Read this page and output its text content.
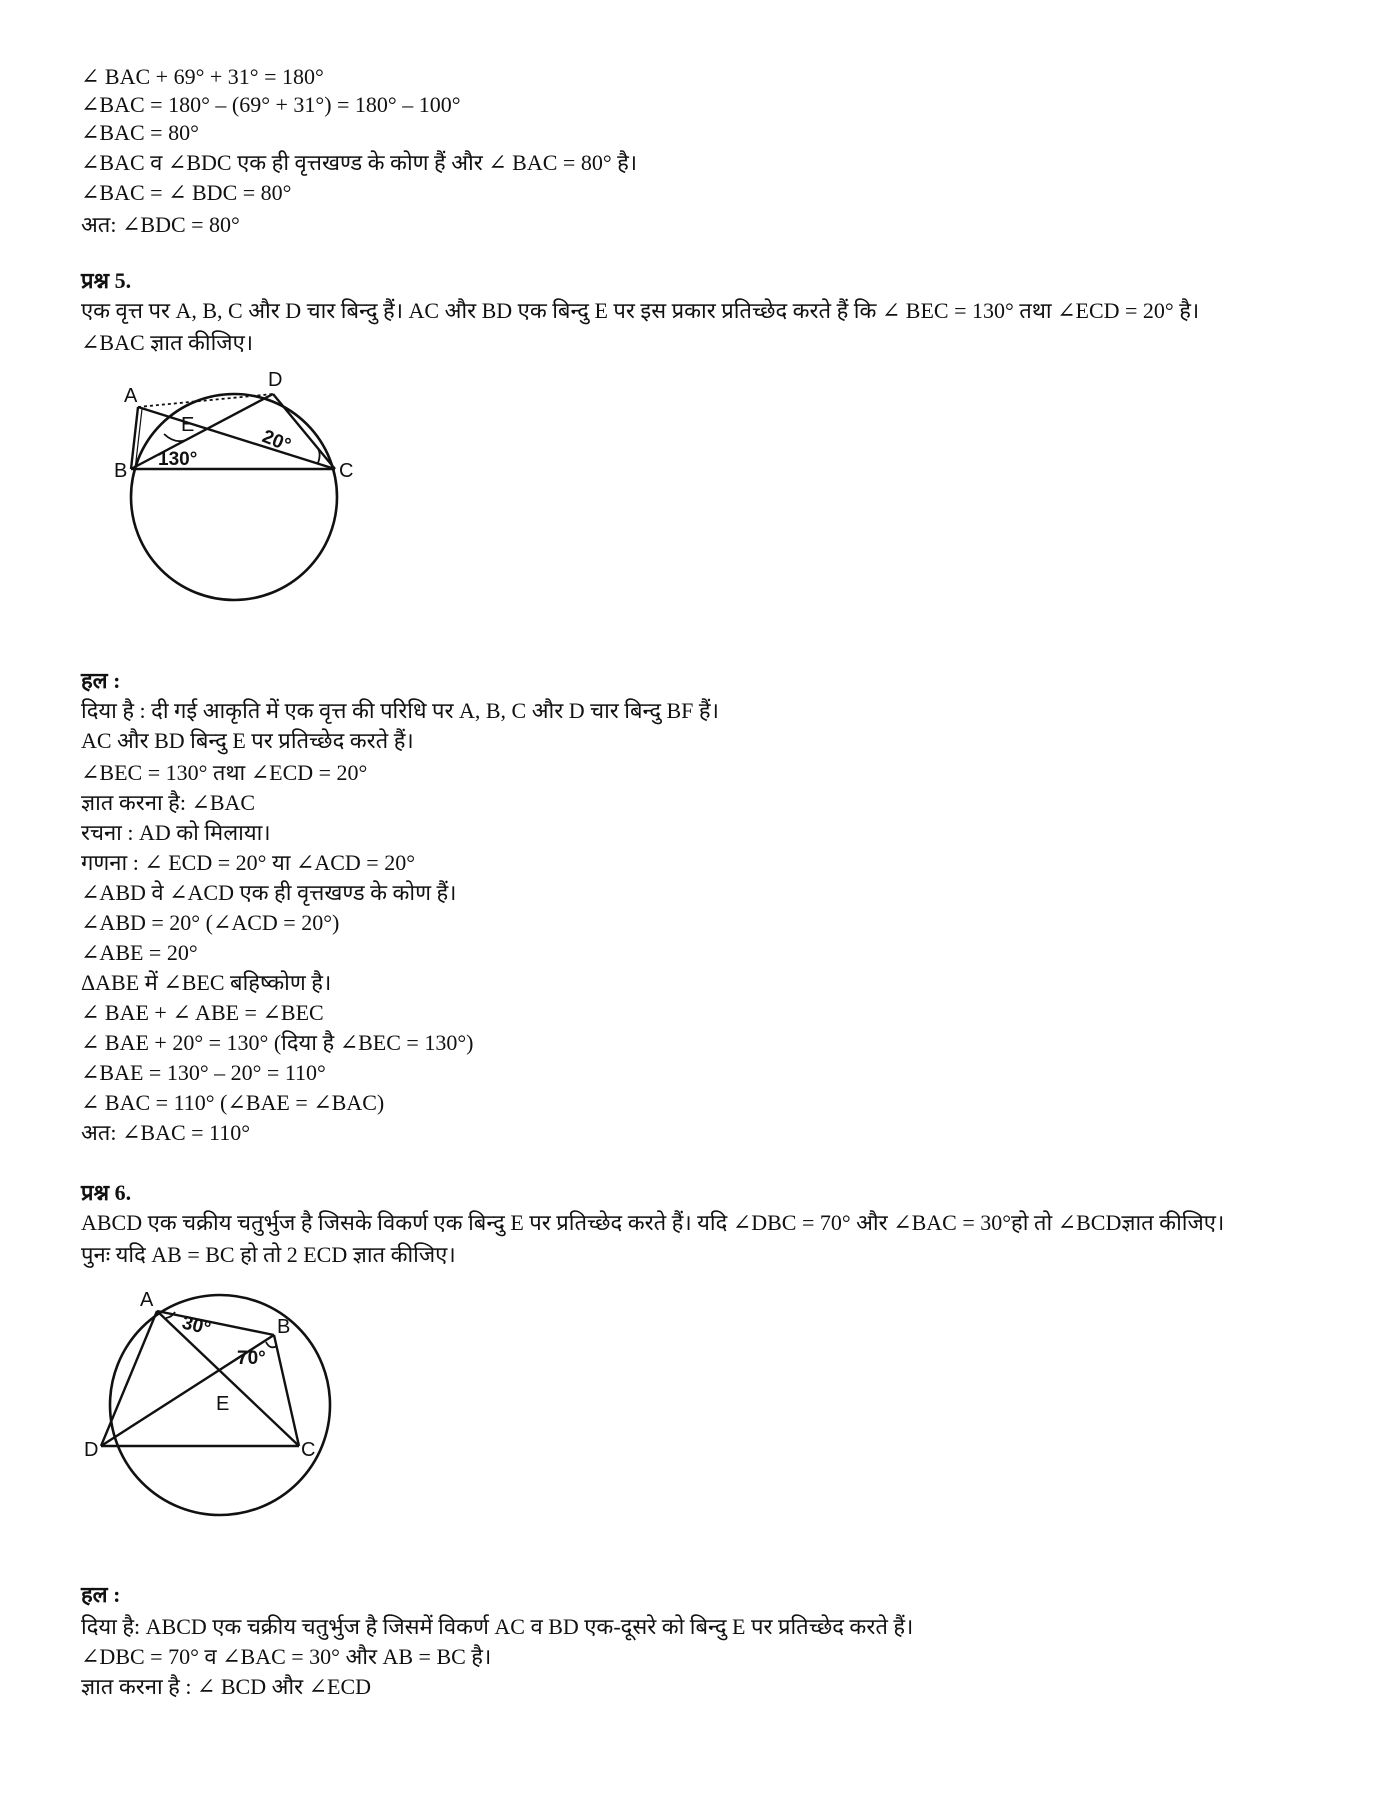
∠ BAC + 69° + 31° = 180°
∠BAC = 180° – (69° + 31°) = 180° – 100°
∠BAC = 80°
∠BAC व ∠BDC एक ही वृत्तखण्ड के कोण हैं और ∠ BAC = 80° है।
∠BAC = ∠ BDC = 80°
अत: ∠BDC = 80°
प्रश्न 5.
एक वृत्त पर A, B, C और D चार बिन्दु हैं। AC और BD एक बिन्दु E पर इस प्रकार प्रतिच्छेद करते हैं कि ∠ BEC = 130° तथा ∠ECD = 20° है।
∠BAC ज्ञात कीजिए।
A
B	C
D
E
130°
20°
हल :
दिया है : दी गई आकृति में एक वृत्त की परिधि पर A, B, C और D चार बिन्दु BF हैं।
AC और BD बिन्दु E पर प्रतिच्छेद करते हैं।
∠BEC = 130° तथा ∠ECD = 20°
ज्ञात करना है: ∠BAC
रचना : AD को मिलाया।
गणना : ∠ ECD = 20° या ∠ACD = 20°
∠ABD वे ∠ACD एक ही वृत्तखण्ड के कोण हैं।
∠ABD = 20° (∠ACD = 20°)
∠ABE = 20°
ΔABE में ∠BEC बहिष्कोण है।
∠ BAE + ∠ ABE = ∠BEC
∠ BAE + 20° = 130° (दिया है ∠BEC = 130°)
∠BAE = 130° – 20° = 110°
∠ BAC = 110° (∠BAE = ∠BAC)
अत: ∠BAC = 110°
प्रश्न 6.
ABCD एक चक्रीय चतुर्भुज है जिसके विकर्ण एक बिन्दु E पर प्रतिच्छेद करते हैं। यदि ∠DBC = 70° और ∠BAC = 30°हो तो ∠BCDज्ञात कीजिए।
पुनः यदि AB = BC हो तो 2 ECD ज्ञात कीजिए।
A
B
C
D
E
30°
70°
हल :
दिया है: ABCD एक चक्रीय चतुर्भुज है जिसमें विकर्ण AC व BD एक-दूसरे को बिन्दु E पर प्रतिच्छेद करते हैं।
∠DBC = 70° व ∠BAC = 30° और AB = BC है।
ज्ञात करना है : ∠ BCD और ∠ECD
